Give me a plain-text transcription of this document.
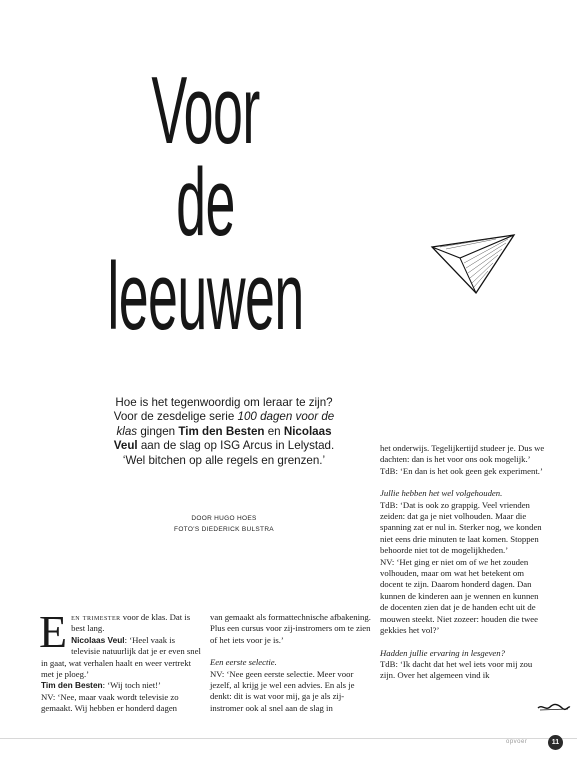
Voor
de
leeuwen
Hoe is het tegenwoordig om leraar te zijn? Voor de zesdelige serie 100 dagen voor de klas gingen Tim den Besten en Nicolaas Veul aan de slag op ISG Arcus in Lelystad. ‘Wel bitchen op alle regels en grenzen.’
DOOR HUGO HOES
FOTO’S DIEDERICK BULSTRA

Een trimester voor de klas. Dat is best lang.

Nicolaas Veul: ‘Heel vaak is televisie natuurlijk dat je er even snel in gaat, wat verhalen haalt en weer vertrekt met je ploeg.’

Tim den Besten: ‘Wij toch niet!’

NV: ‘Nee, maar vaak wordt televisie zo gemaakt. Wij hebben er honderd dagen

van gemaakt als formattechnische afbakening. Plus een cursus voor zij-instromers om te zien of het iets voor je is.’

Een eerste selectie.

NV: ‘Nee geen eerste selectie. Meer voor jezelf, al krijg je wel een advies. En als je denkt: dit is wat voor mij, ga je als zij-instromer ook al snel aan de slag in

het onderwijs. Tegelijkertijd studeer je. Dus we dachten: dan is het voor ons ook mogelijk.’

TdB: ‘En dan is het ook geen gek experiment.’

Jullie hebben het wel volgehouden.

TdB: ‘Dat is ook zo grappig. Veel vrienden zeiden: dat ga je niet volhouden. Maar die spanning zat er nul in. Sterker nog, we konden niet eens drie minuten te laat komen. Stoppen behoorde niet tot de mogelijkheden.’

NV: ‘Het ging er niet om of we het zouden volhouden, maar om wat het betekent om docent te zijn. Daarom honderd dagen. Dan kunnen de kinderen aan je wennen en kunnen de docenten zien dat je de handen echt uit de mouwen steekt. Niet zozeer: houden die twee gekkies het vol?’

Hadden jullie ervaring in lesgeven?

TdB: ‘Ik dacht dat het wel iets voor mij zou zijn. Over het algemeen vind ik

opvoer	11
